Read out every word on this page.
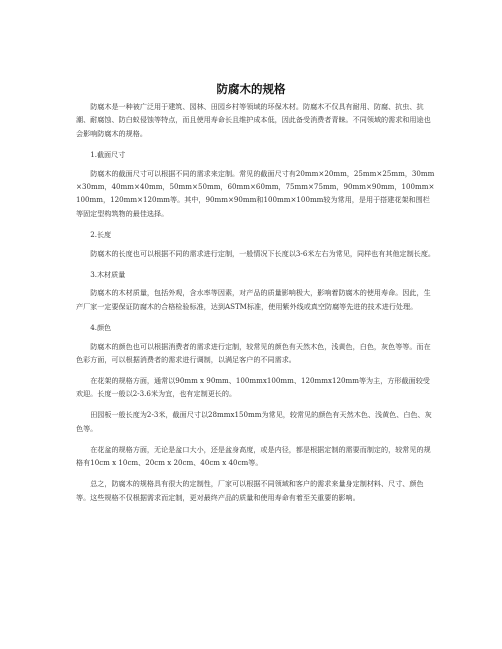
防腐木的规格

防腐木是一种被广泛用于建筑、园林、田园乡村等领域的环保木材。防腐木不仅具有耐用、防腐、抗虫、抗潮、耐腐蚀、防白蚁侵蚀等特点，而且使用寿命长且维护成本低，因此备受消费者青睐。不同领域的需求和用途也会影响防腐木的规格。

1.截面尺寸

防腐木的截面尺寸可以根据不同的需求来定制。常见的截面尺寸有20mm×20mm，25mm×25mm，30mm×30mm，40mm×40mm，50mm×50mm，60mm×60mm，75mm×75mm，90mm×90mm，100mm×100mm，120mm×120mm等。其中，90mm×90mm和100mm×100mm较为常用，是用于搭建花架和围栏等固定型构筑物的最佳选择。

2.长度

防腐木的长度也可以根据不同的需求进行定制，一般情况下长度以3-6米左右为常见，同样也有其他定制长度。

3.木材质量

防腐木的木材质量，包括外观，含水率等因素，对产品的质量影响极大，影响着防腐木的使用寿命。因此，生产厂家一定要保证防腐木的合格检验标准，达到ASTM标准，使用紫外线或真空防腐等先进的技术进行处理。

4.颜色

防腐木的颜色也可以根据消费者的需求进行定制，较常见的颜色有天然木色，浅黄色，白色，灰色等等。而在色彩方面，可以根据消费者的需求进行调制，以满足客户的不同需求。

在花架的规格方面，通常以90mm x 90mm、100mmx100mm、120mmx120mm等为主，方形截面较受欢迎。长度一般以2-3.6米为宜，也有定制更长的。

田园板一般长度为2-3米，截面尺寸以28mmx150mm为常见，较常见的颜色有天然木色、浅黄色、白色、灰色等。

在花盆的规格方面，无论是盆口大小，还是盆身高度，或是内径，都是根据定制的需要而制定的，较常见的规格有10cm x 10cm、20cm x 20cm、40cm x 40cm等。

总之，防腐木的规格具有很大的定制性，厂家可以根据不同领域和客户的需求来量身定制材料、尺寸、颜色等。这些规格不仅根据需求而定制，更对最终产品的质量和使用寿命有着至关重要的影响。
